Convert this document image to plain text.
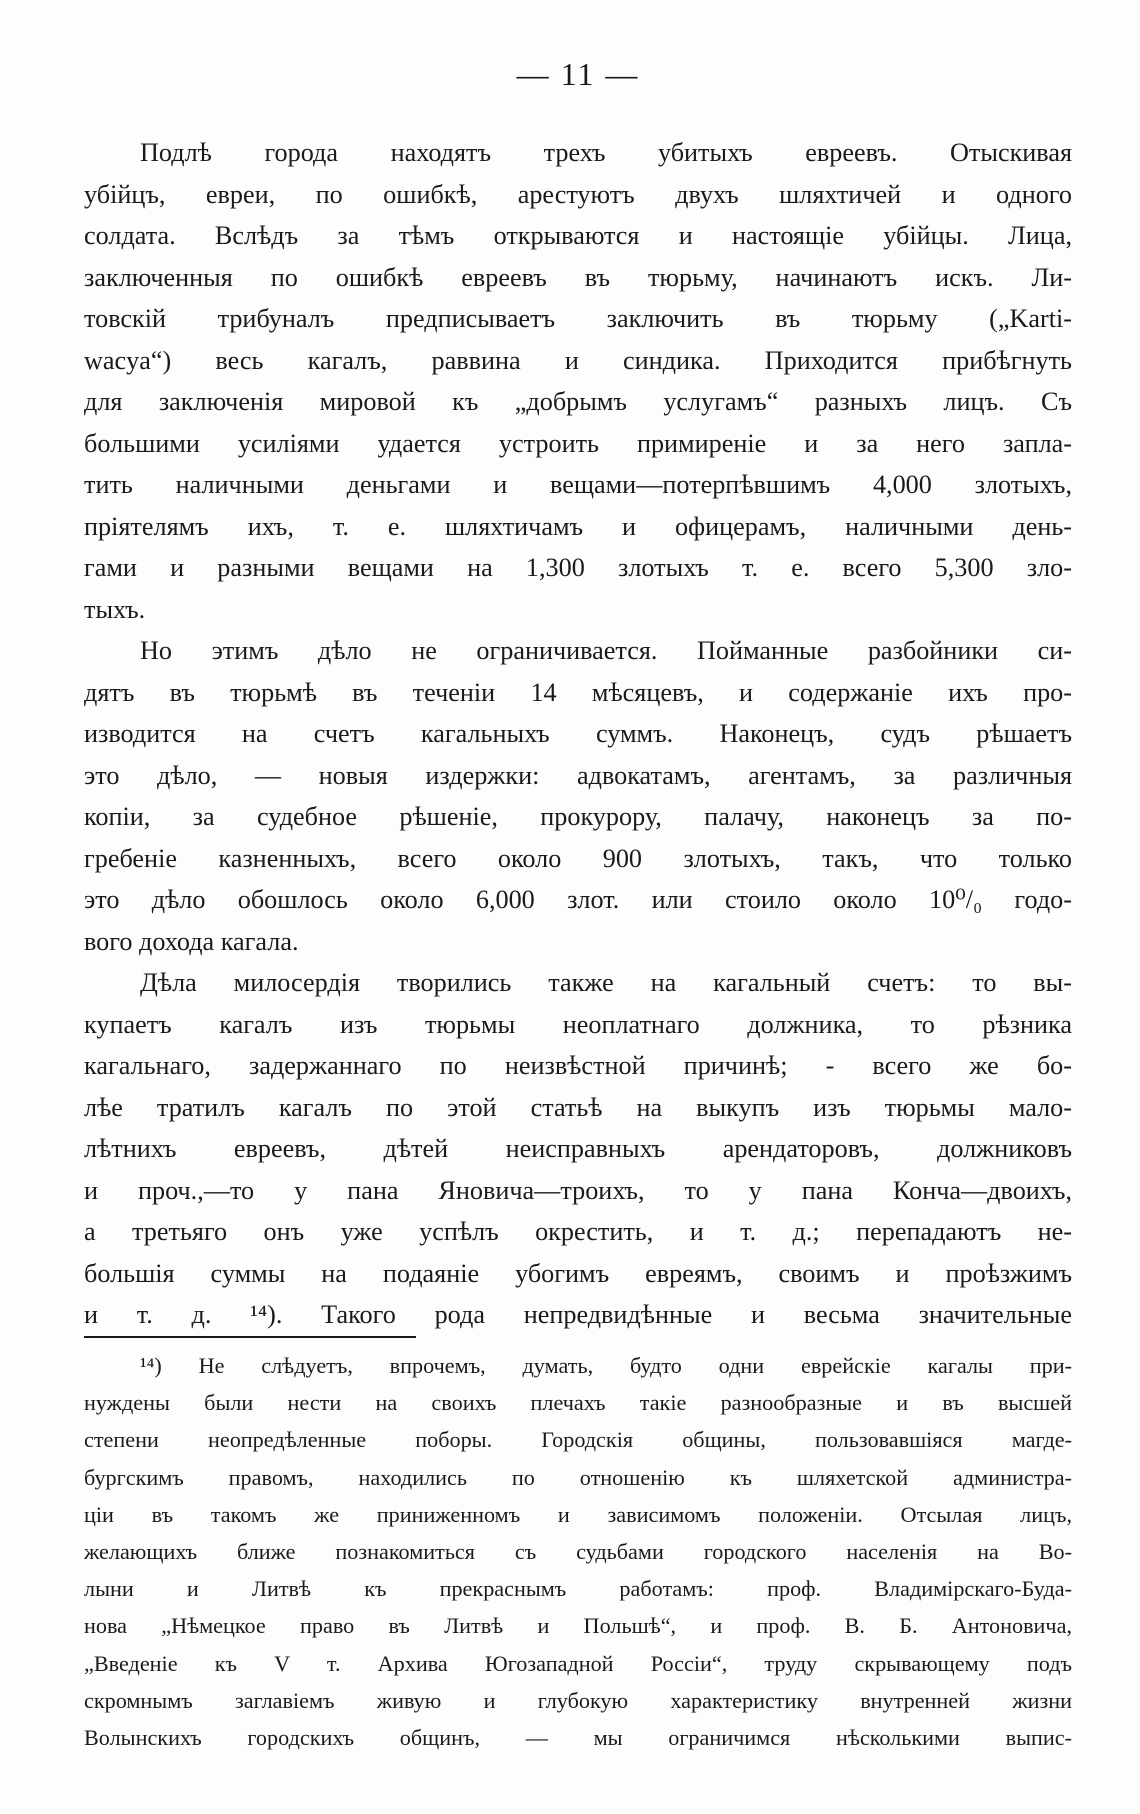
— 11 —

Подлѣ города находятъ трехъ убитыхъ евреевъ. Отыскивая
убійцъ, евреи, по ошибкѣ, арестуютъ двухъ шляхтичей и одного
солдата. Вслѣдъ за тѣмъ открываются и настоящіе убійцы. Лица,
заключенныя по ошибкѣ евреевъ въ тюрьму, начинаютъ искъ. Ли-
товскій трибуналъ предписываетъ заключить въ тюрьму („Karti-
wacya“) весь кагалъ, раввина и синдика. Приходится прибѣгнуть
для заключенія мировой къ „добрымъ услугамъ“ разныхъ лицъ. Съ
большими усиліями удается устроить примиреніе и за него запла-
тить наличными деньгами и вещами—потерпѣвшимъ 4,000 злотыхъ,
пріятелямъ ихъ, т. е. шляхтичамъ и офицерамъ, наличными день-
гами и разными вещами на 1,300 злотыхъ т. е. всего 5,300 зло-
тыхъ.

Но этимъ дѣло не ограничивается. Пойманные разбойники си-
дятъ въ тюрьмѣ въ теченіи 14 мѣсяцевъ, и содержаніе ихъ про-
изводится на счетъ кагальныхъ суммъ. Наконецъ, судъ рѣшаетъ
это дѣло, — новыя издержки: адвокатамъ, агентамъ, за различныя
копіи, за судебное рѣшеніе, прокурору, палачу, наконецъ за по-
гребеніе казненныхъ, всего около 900 злотыхъ, такъ, что только
это дѣло обошлось около 6,000 злот. или стоило около 10⁰/₀ годо-
вого дохода кагала.

Дѣла милосердія творились также на кагальный счетъ: то вы-
купаетъ кагалъ изъ тюрьмы неоплатнаго должника, то рѣзника
кагальнаго, задержаннаго по неизвѣстной причинѣ; - всего же бо-
лѣе тратилъ кагалъ по этой статьѣ на выкупъ изъ тюрьмы мало-
лѣтнихъ евреевъ, дѣтей неисправныхъ арендаторовъ, должниковъ
и проч.,—то у пана Яновича—троихъ, то у пана Конча—двоихъ,
а третьяго онъ уже успѣлъ окрестить, и т. д.; перепадаютъ не-
большія суммы на подаяніе убогимъ евреямъ, своимъ и проѣзжимъ
и т. д. ¹⁴). Такого рода непредвидѣнные и весьма значительные

¹⁴) Не слѣдуетъ, впрочемъ, думать, будто одни еврейскіе кагалы при-
нуждены были нести на своихъ плечахъ такіе разнообразные и въ высшей
степени неопредѣленные поборы. Городскія общины, пользовавшіяся магде-
бургскимъ правомъ, находились по отношенію къ шляхетской администра-
ціи въ такомъ же приниженномъ и зависимомъ положеніи. Отсылая лицъ,
желающихъ ближе познакомиться съ судьбами городского населенія на Во-
лыни и Литвѣ къ прекраснымъ работамъ: проф. Владимірскаго-Будa-
нова „Нѣмецкое право въ Литвѣ и Польшѣ“, и проф. В. Б. Антоновича,
„Введеніе къ V т. Архива Югозападной Россіи“, труду скрывающему подъ
скромнымъ заглавіемъ живую и глубокую характеристику внутренней жизни
Волынскихъ городскихъ общинъ, — мы ограничимся нѣсколькими выпис-
